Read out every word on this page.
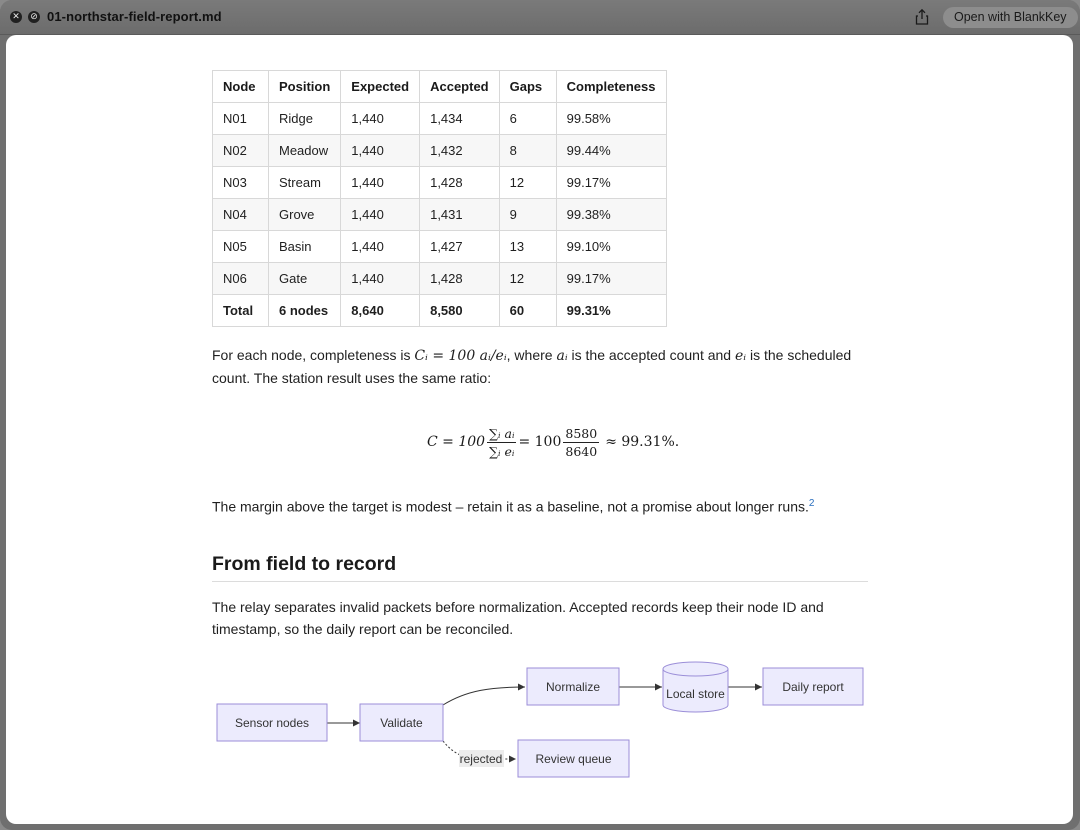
✕ ⊘ 01-northstar-field-report.md	Open with BlankKey
Node	Position	Expected	Accepted	Gaps	Completeness
N01	Ridge	1,440	1,434	6	99.58%
N02	Meadow	1,440	1,432	8	99.44%
N03	Stream	1,440	1,428	12	99.17%
N04	Grove	1,440	1,431	9	99.38%
N05	Basin	1,440	1,427	13	99.10%
N06	Gate	1,440	1,428	12	99.17%
Total	6 nodes	8,640	8,580	60	99.31%
For each node, completeness is Cᵢ = 100 aᵢ/eᵢ, where aᵢ is the accepted count and eᵢ is the scheduled
count. The station result uses the same ratio:
$C = 100 \frac{\text{∑ᵢ aᵢ}}{\text{∑ᵢ eᵢ}} = 100 \frac{8580}{8640} \approx 99.31\%$.
The margin above the target is modest – retain it as a baseline, not a promise about longer runs.$^2$
From field to record
The relay separates invalid packets before normalization. Accepted records keep their node ID and
timestamp, so the daily report can be reconciled.
rejected
Sensor nodes	Validate
Normalize	Local store	Daily report
Review queue
